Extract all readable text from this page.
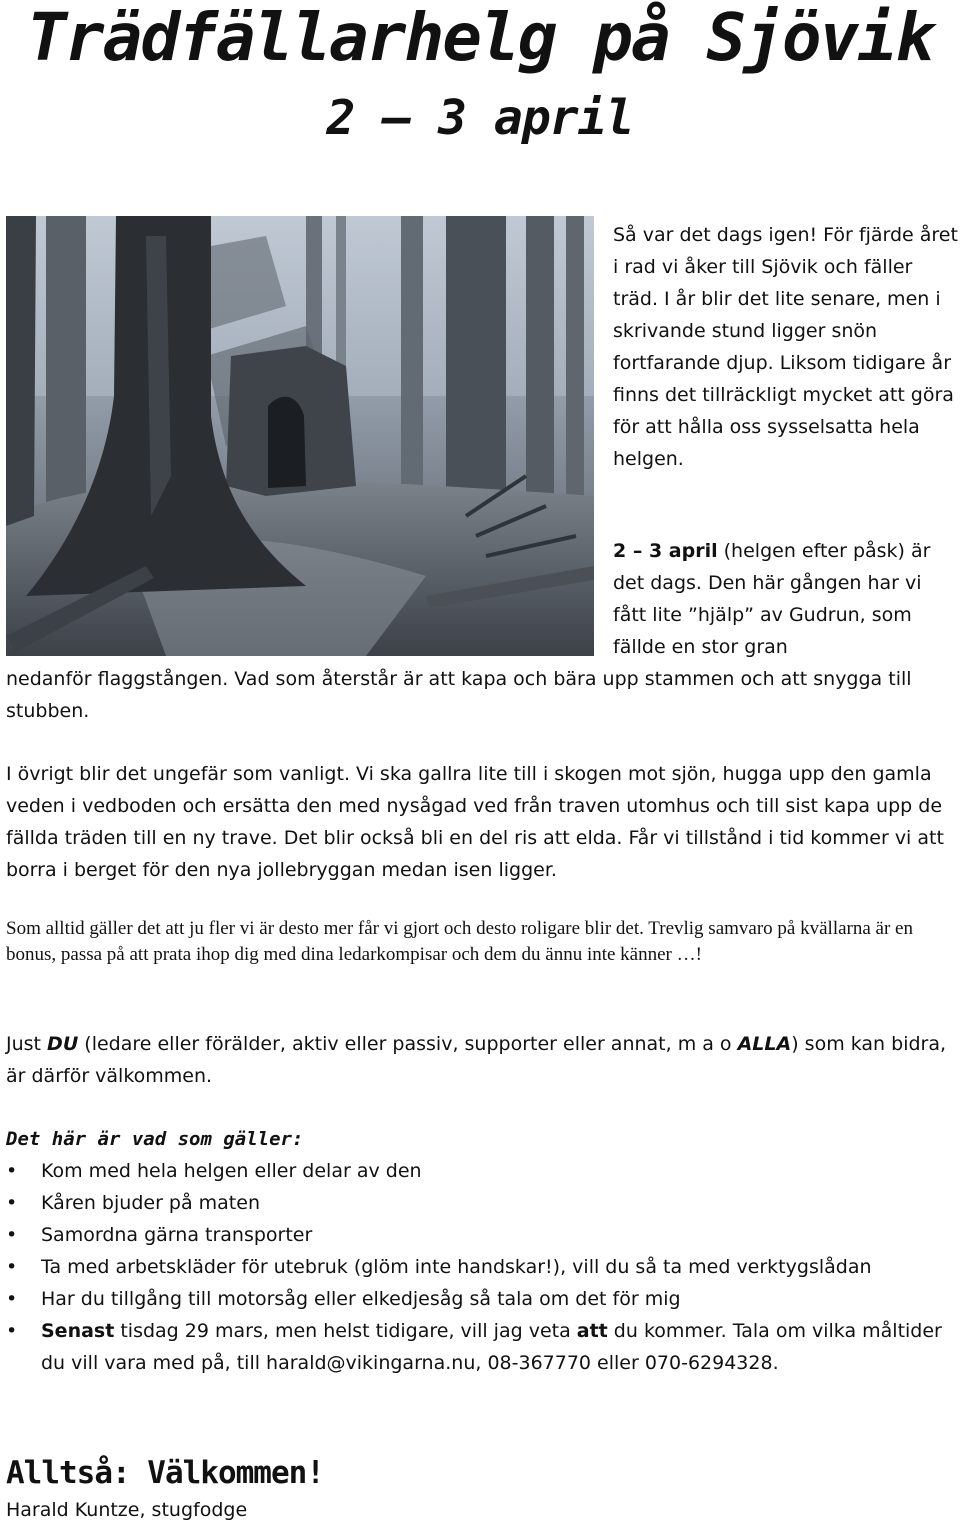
Trädfällarhelg på Sjövik
2 – 3 april

Så var det dags igen! För fjärde året i rad vi åker till Sjövik och fäller träd. I år blir det lite senare, men i skrivande stund ligger snön fortfarande djup. Liksom tidigare år finns det tillräckligt mycket att göra för att hålla oss sysselsatta hela helgen.

2 – 3 april (helgen efter påsk) är det dags. Den här gången har vi fått lite ”hjälp” av Gudrun, som fällde en stor gran

nedanför flaggstången. Vad som återstår är att kapa och bära upp stammen och att snygga till stubben.

I övrigt blir det ungefär som vanligt. Vi ska gallra lite till i skogen mot sjön, hugga upp den gamla veden i vedboden och ersätta den med nysågad ved från traven utomhus och till sist kapa upp de fällda träden till en ny trave. Det blir också bli en del ris att elda. Får vi tillstånd i tid kommer vi att borra i berget för den nya jollebryggan medan isen ligger.

Som alltid gäller det att ju fler vi är desto mer får vi gjort och desto roligare blir det. Trevlig samvaro på kvällarna är en bonus, passa på att prata ihop dig med dina ledarkompisar och dem du ännu inte känner …!

Just DU (ledare eller förälder, aktiv eller passiv, supporter eller annat, m a o ALLA) som kan bidra, är därför välkommen.

Det här är vad som gäller:

•	Kom med hela helgen eller delar av den
•	Kåren bjuder på maten
•	Samordna gärna transporter
•	Ta med arbetskläder för utebruk (glöm inte handskar!), vill du så ta med verktygslådan
•	Har du tillgång till motorsåg eller elkedjesåg så tala om det för mig
•	Senast tisdag 29 mars, men helst tidigare, vill jag veta att du kommer. Tala om vilka måltider du vill vara med på, till harald@vikingarna.nu, 08-367770 eller 070-6294328.

Alltså: Välkommen!

Harald Kuntze, stugfodge
